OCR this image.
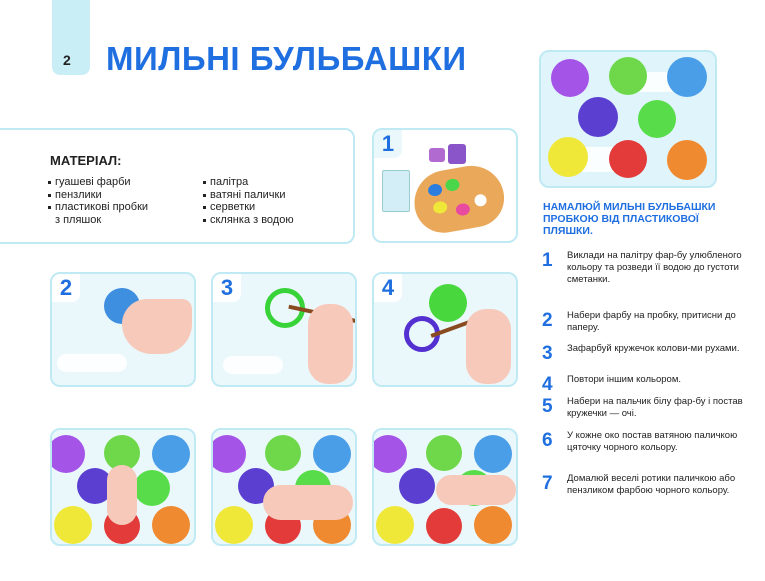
2 МИЛЬНІ БУЛЬБАШКИ
МАТЕРІАЛ:
гуашеві фарби
пензлики
пластикові пробки
з пляшок
палітра
ватяні палички
серветки
склянка з водою
1
2	3	4
НАМАЛЮЙ МИЛЬНІ БУЛЬБАШКИ ПРОБКОЮ ВІД ПЛАСТИКОВОЇ ПЛЯШКИ.
1 Виклади на палітру фар-бу улюбленого кольору та розведи її водою до густоти сметанки.
2 Набери фарбу на пробку, притисни до паперу.
3 Зафарбуй кружечок колови-ми рухами.
4 Повтори іншим кольором.
5 Набери на пальчик білу фар-бу і постав кружечки — очі.
6 У кожне око постав ватяною паличкою цяточку чорного кольору.
7 Домалюй веселі ротики паличкою або пензликом фарбою чорного кольору.
